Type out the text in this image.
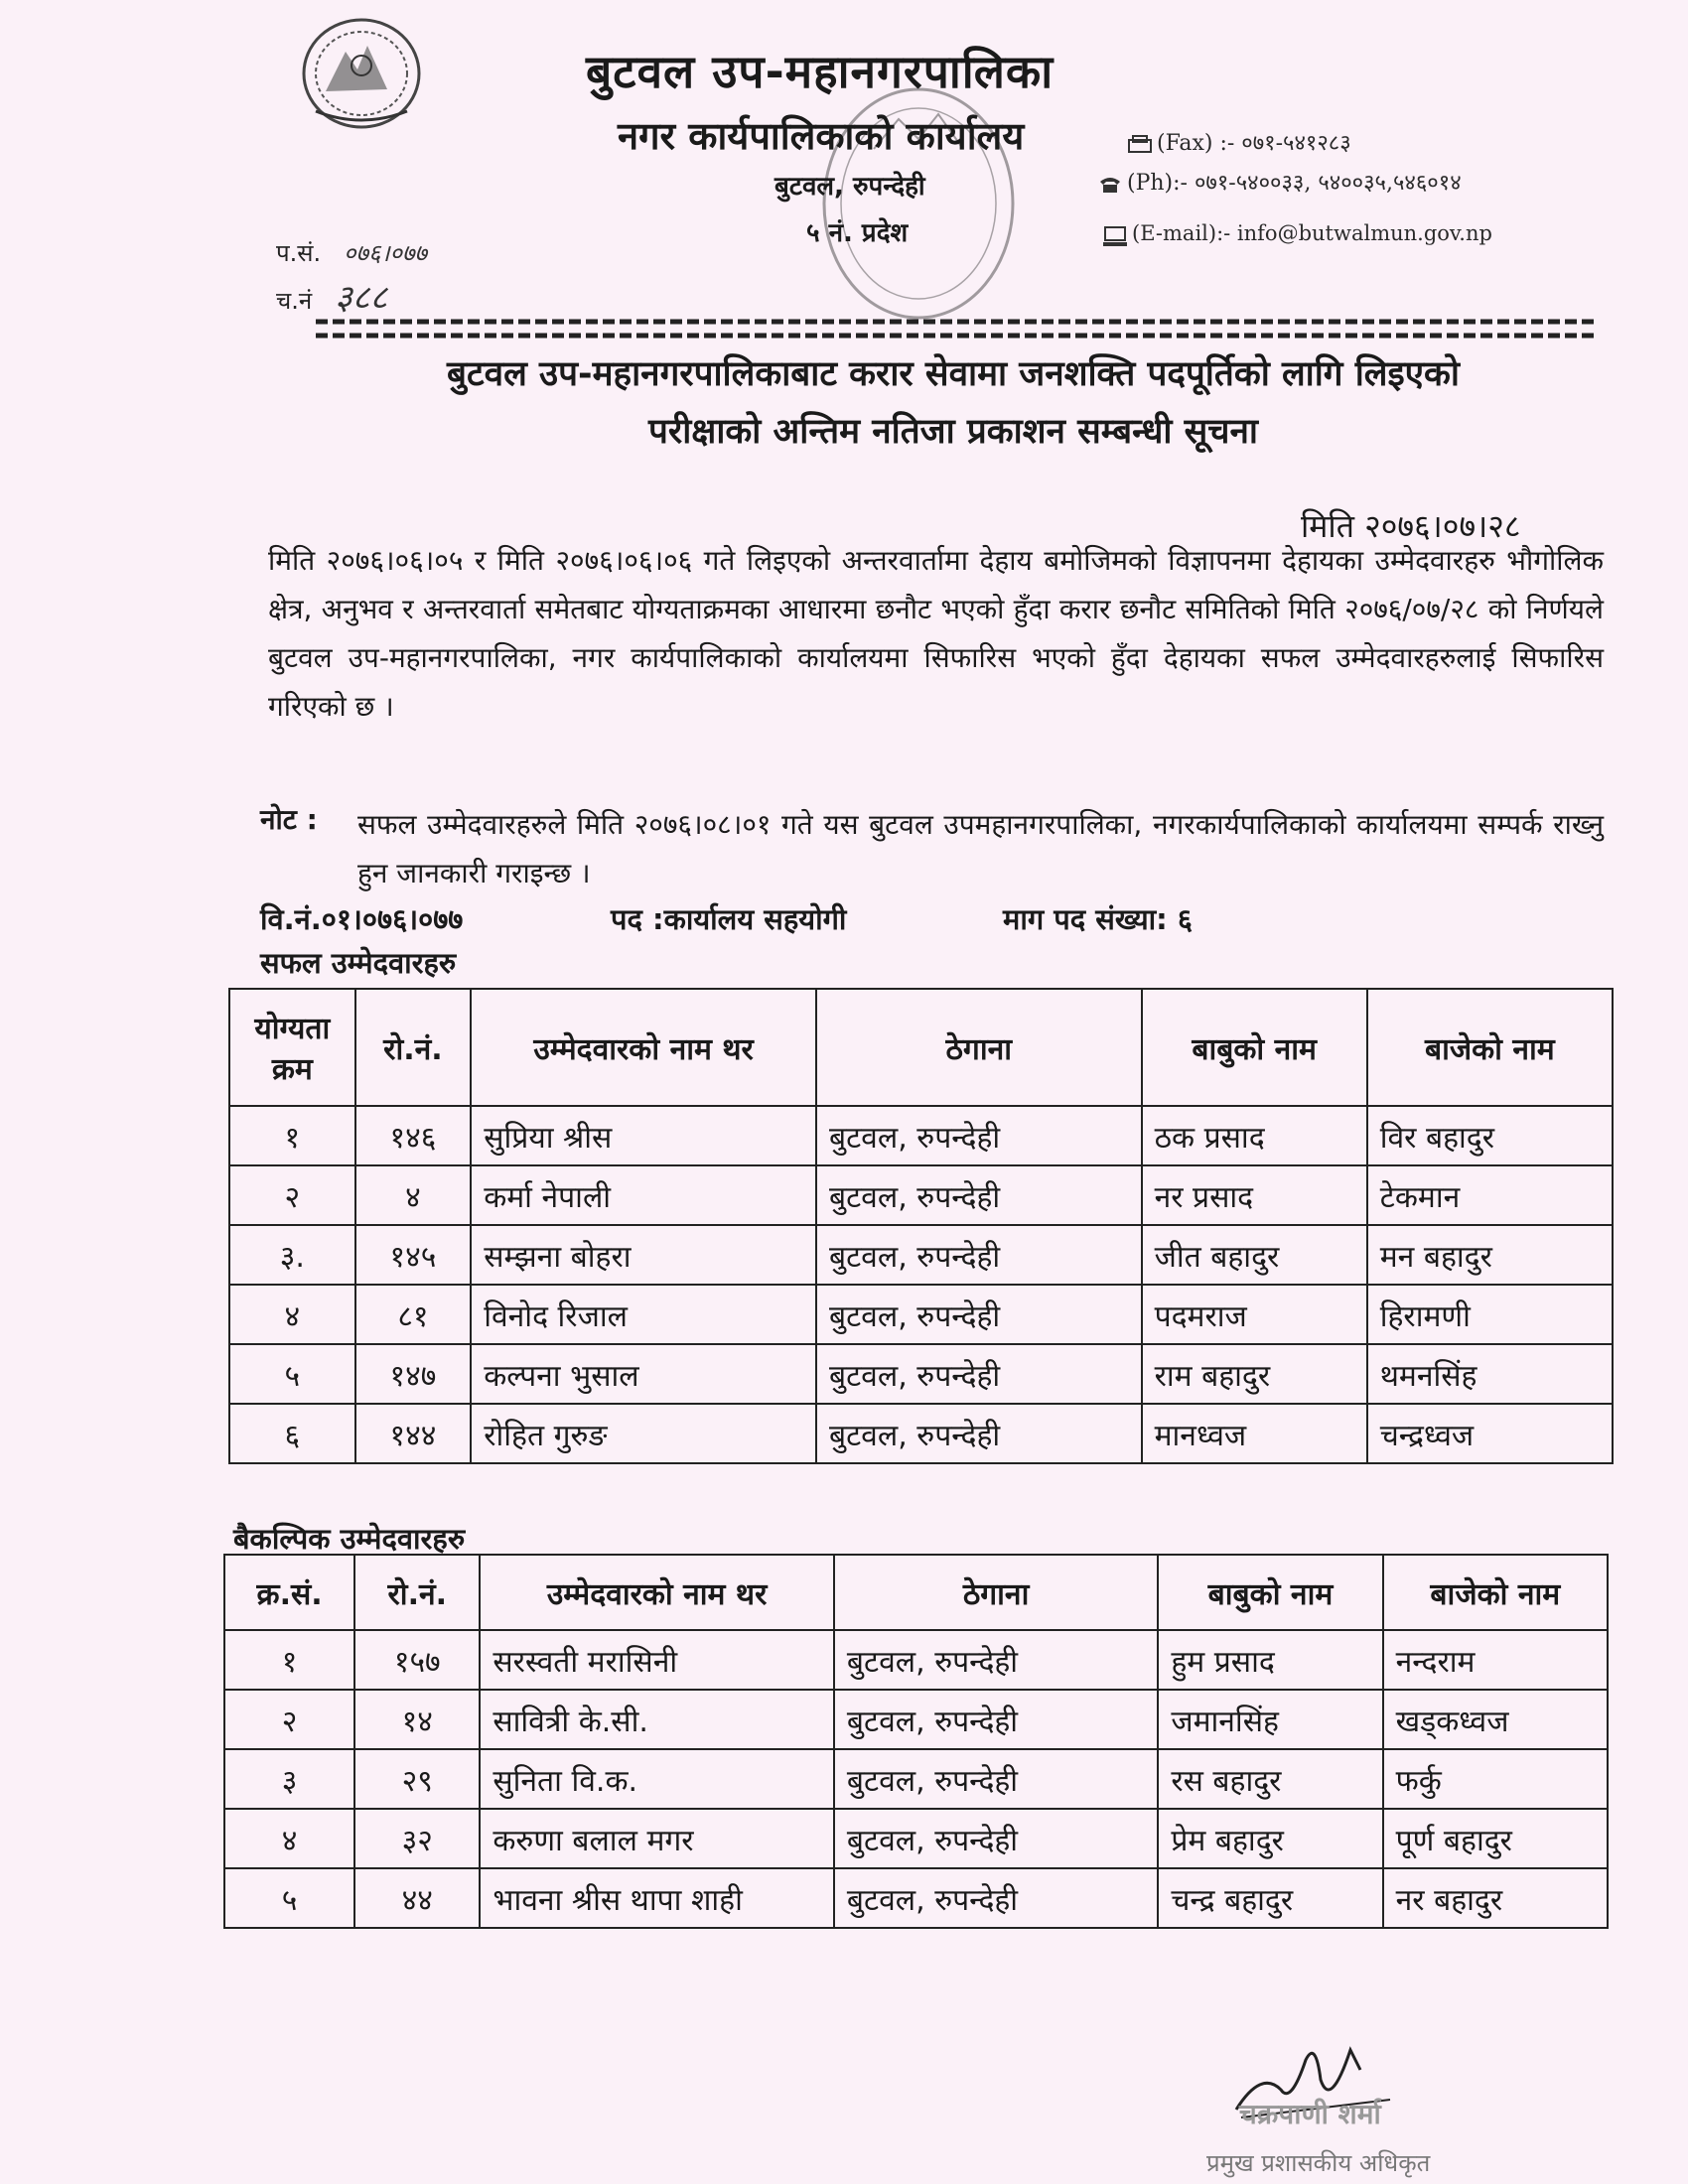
बुटवल उप-महानगरपालिका
नगर कार्यपालिकाको कार्यालय
बुटवल, रुपन्देही
५ नं. प्रदेश
(Fax) :- ०७१-५४१२८३
(Ph):- ०७१-५४००३३, ५४००३५,५४६०१४
(E-mail):- info@butwalmun.gov.np
प.सं. ०७६।०७७
च.नं ३८८
बुटवल उप-महानगरपालिकाबाट करार सेवामा जनशक्ति पदपूर्तिको लागि लिइएको
परीक्षाको अन्तिम नतिजा प्रकाशन सम्बन्धी सूचना
मिति २०७६।०७।२८
मिति २०७६।०६।०५ र मिति २०७६।०६।०६ गते लिइएको अन्तरवार्तामा देहाय बमोजिमको विज्ञापनमा देहायका उम्मेदवारहरु भौगोलिक क्षेत्र, अनुभव र अन्तरवार्ता समेतबाट योग्यताक्रमका आधारमा छनौट भएको हुँदा करार छनौट समितिको मिति २०७६/०७/२८ को निर्णयले बुटवल उप-महानगरपालिका, नगर कार्यपालिकाको कार्यालयमा सिफारिस भएको हुँदा देहायका सफल उम्मेदवारहरुलाई सिफारिस गरिएको छ ।
नोट : सफल उम्मेदवारहरुले मिति २०७६।०८।०१ गते यस बुटवल उपमहानगरपालिका, नगरकार्यपालिकाको कार्यालयमा सम्पर्क राख्नु हुन जानकारी गराइन्छ ।
वि.नं.०१।०७६।०७७	पद :कार्यालय सहयोगी	माग पद संख्या: ६
सफल उम्मेदवारहरु
योग्यता क्रम	रो.नं.	उम्मेदवारको नाम थर	ठेगाना	बाबुको नाम	बाजेको नाम
१	१४६	सुप्रिया श्रीस	बुटवल, रुपन्देही	ठक प्रसाद	विर बहादुर
२	४	कर्मा नेपाली	बुटवल, रुपन्देही	नर प्रसाद	टेकमान
३.	१४५	सम्झना बोहरा	बुटवल, रुपन्देही	जीत बहादुर	मन बहादुर
४	८१	विनोद रिजाल	बुटवल, रुपन्देही	पदमराज	हिरामणी
५	१४७	कल्पना भुसाल	बुटवल, रुपन्देही	राम बहादुर	थमनसिंह
६	१४४	रोहित गुरुङ	बुटवल, रुपन्देही	मानध्वज	चन्द्रध्वज
बैकल्पिक उम्मेदवारहरु
क्र.सं.	रो.नं.	उम्मेदवारको नाम थर	ठेगाना	बाबुको नाम	बाजेको नाम
१	१५७	सरस्वती मरासिनी	बुटवल, रुपन्देही	हुम प्रसाद	नन्दराम
२	१४	सावित्री के.सी.	बुटवल, रुपन्देही	जमानसिंह	खड्कध्वज
३	२९	सुनिता वि.क.	बुटवल, रुपन्देही	रस बहादुर	फर्कु
४	३२	करुणा बलाल मगर	बुटवल, रुपन्देही	प्रेम बहादुर	पूर्ण बहादुर
५	४४	भावना श्रीस थापा शाही	बुटवल, रुपन्देही	चन्द्र बहादुर	नर बहादुर
चक्रपाणी शर्मा
प्रमुख प्रशासकीय अधिकृत
